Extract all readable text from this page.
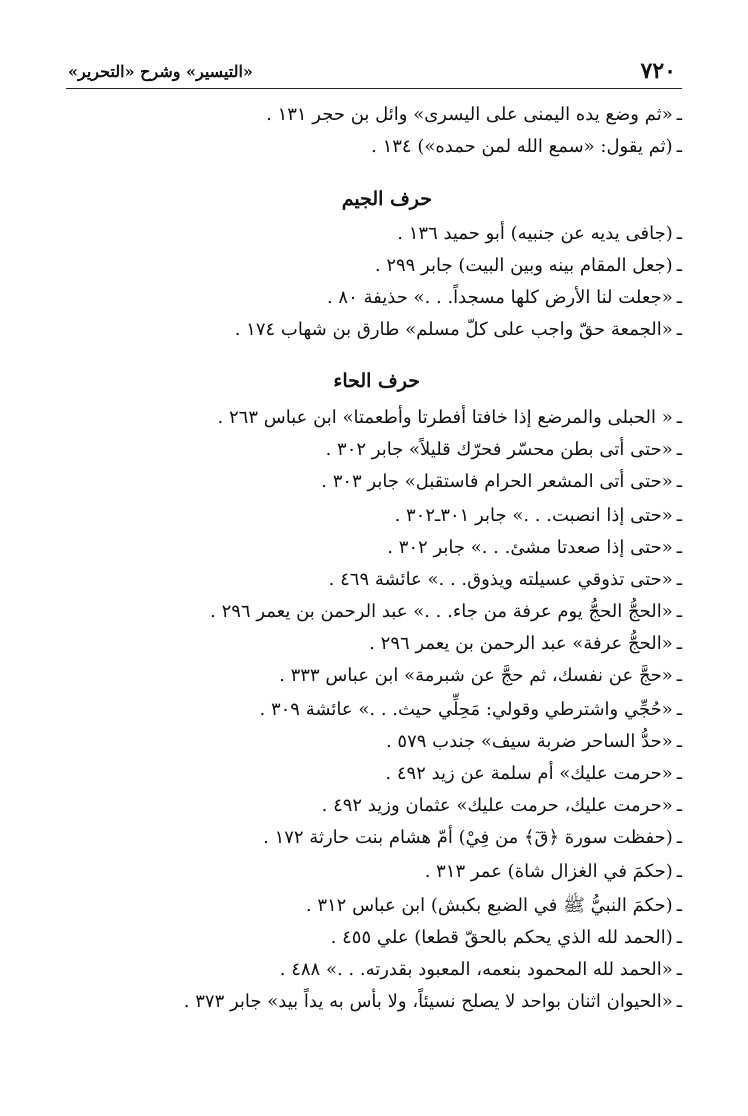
٧٢٠
«التيسير» وشرح «التحرير»
ـ«ثم وضع يده اليمنى على اليسرى» وائل بن حجر ١٣١ .
ـ(ثم يقول: «سمع الله لمن حمده») ١٣٤ .
حرف الجيم
ـ(جافى يديه عن جنبيه) أبو حميد ١٣٦ .
ـ(جعل المقام بينه وبين البيت) جابر ٢٩٩ .
ـ«جعلت لنا الأرض كلها مسجداً. . .» حذيفة ٨٠ .
ـ«الجمعة حقّ واجب على كلّ مسلم» طارق بن شهاب ١٧٤ .
حرف الحاء
ـ« الحبلى والمرضع إذا خافتا أفطرتا وأطعمتا» ابن عباس ٢٦٣ .
ـ«حتى أتى بطن محسّر فحرّك قليلاً» جابر ٣٠٢ .
ـ«حتى أتى المشعر الحرام فاستقبل» جابر ٣٠٣ .
ـ«حتى إذا انصبت. . .» جابر ٣٠١ـ٣٠٢ .
ـ«حتى إذا صعدتا مشئ. . .» جابر ٣٠٢ .
ـ«حتى تذوقي عسيلته ويذوق. . .» عائشة ٤٦٩ .
ـ«الحجُّ الحجُّ يوم عرفة من جاء. . .» عبد الرحمن بن يعمر ٢٩٦ .
ـ«الحجُّ عرفة» عبد الرحمن بن يعمر ٢٩٦ .
ـ«حجَّ عن نفسك، ثم حجَّ عن شبرمة» ابن عباس ٣٣٣ .
ـ«حُجِّي واشترطي وقولي: مَحِلِّي حيث. . .» عائشة ٣٠٩ .
ـ«حدُّ الساحر ضربة سيف» جندب ٥٧٩ .
ـ«حرمت عليك» أم سلمة عن زيد ٤٩٢ .
ـ«حرمت عليك، حرمت عليك» عثمان وزيد ٤٩٢ .
ـ(حفظت سورة ﴿قٓ﴾ من فِيْ) أمّ هشام بنت حارثة ١٧٢ .
ـ(حكمَ في الغزال شاة) عمر ٣١٣ .
ـ(حكمَ النبيُّ ﷺ في الضبع بكبش) ابن عباس ٣١٢ .
ـ(الحمد لله الذي يحكم بالحقّ قطعا) علي ٤٥٥ .
ـ«الحمد لله المحمود بنعمه، المعبود بقدرته. . .» ٤٨٨ .
ـ«الحيوان اثنان بواحد لا يصلح نسيئاً، ولا بأس به يداً بيد» جابر ٣٧٣ .
